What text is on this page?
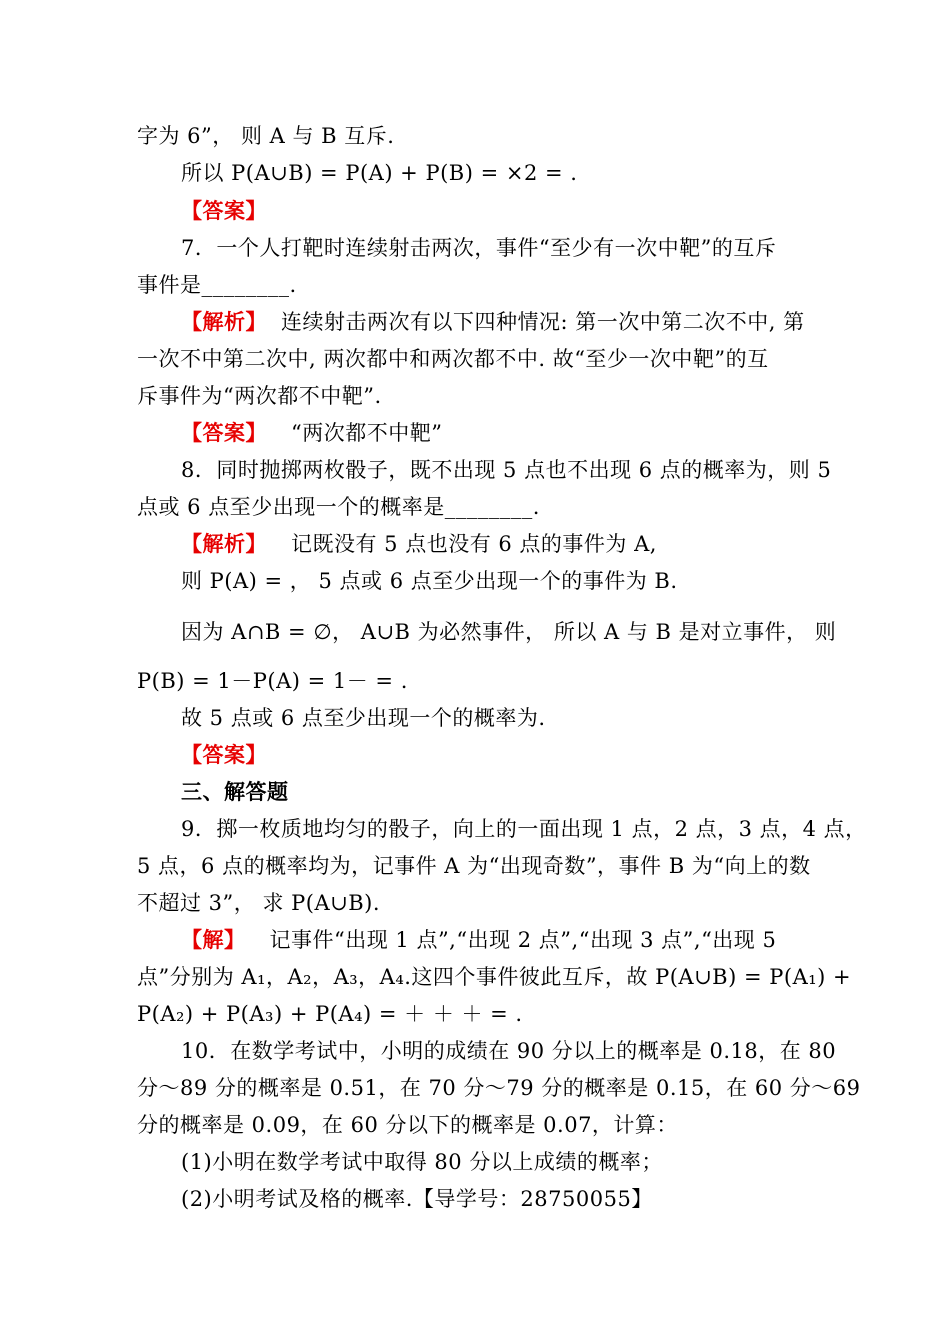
字为 6”， 则 A 与 B 互斥.
所以 P(A∪B) = P(A) + P(B) = ×2 = .
【答案】
7．一个人打靶时连续射击两次，事件“至少有一次中靶”的互斥
事件是________.
【解析】 连续射击两次有以下四种情况: 第一次中第二次不中, 第
一次不中第二次中, 两次都中和两次都不中. 故“至少一次中靶”的互
斥事件为“两次都不中靶”.
【答案】 “两次都不中靶”
8．同时抛掷两枚骰子，既不出现 5 点也不出现 6 点的概率为，则 5
点或 6 点至少出现一个的概率是________.
【解析】 记既没有 5 点也没有 6 点的事件为 A,
则 P(A) = ， 5 点或 6 点至少出现一个的事件为 B.
因为 A∩B = ∅， A∪B 为必然事件， 所以 A 与 B 是对立事件， 则
P(B) = 1－P(A) = 1－ = .
故 5 点或 6 点至少出现一个的概率为.
【答案】
三、解答题
9．掷一枚质地均匀的骰子，向上的一面出现 1 点，2 点，3 点，4 点，
5 点，6 点的概率均为，记事件 A 为“出现奇数”，事件 B 为“向上的数
不超过 3”， 求 P(A∪B).
【解】 记事件“出现 1 点”,“出现 2 点”,“出现 3 点”,“出现 5
点”分别为 A₁，A₂，A₃，A₄.这四个事件彼此互斥，故 P(A∪B) = P(A₁) +
P(A₂) + P(A₃) + P(A₄) = ＋ ＋ ＋ = .
10．在数学考试中，小明的成绩在 90 分以上的概率是 0.18，在 80
分～89 分的概率是 0.51，在 70 分～79 分的概率是 0.15，在 60 分～69
分的概率是 0.09，在 60 分以下的概率是 0.07，计算：
(1)小明在数学考试中取得 80 分以上成绩的概率；
(2)小明考试及格的概率.【导学号：28750055】
